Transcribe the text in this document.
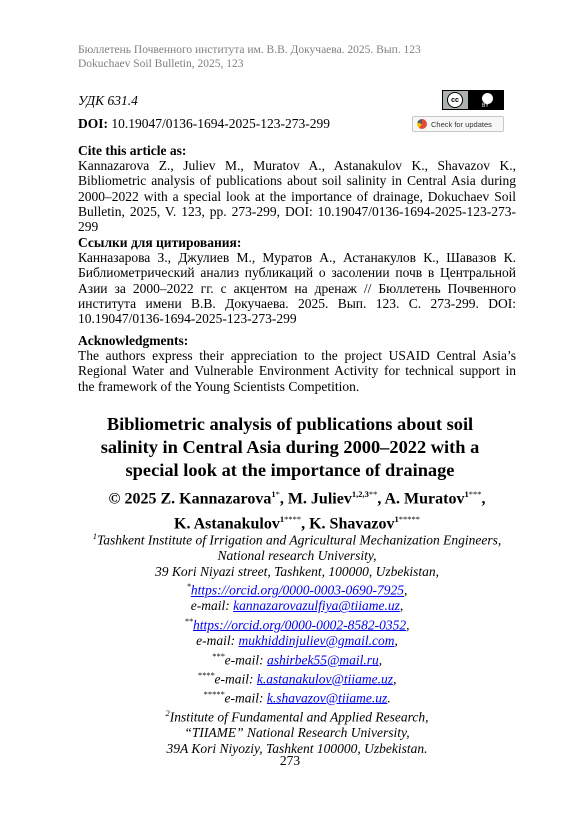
Бюллетень Почвенного института им. В.В. Докучаева. 2025. Вып. 123
Dokuchaev Soil Bulletin, 2025, 123
УДК 631.4
DOI: 10.19047/0136-1694-2025-123-273-299
cc
BY
Check for updates
Cite this article as:
Kannazarova Z., Juliev M., Muratov A., Astanakulov K., Shavazov K., Bibliometric analysis of publications about soil salinity in Central Asia during 2000–2022 with a special look at the importance of drainage, Dokuchaev Soil Bulletin, 2025, V. 123, pp. 273-299, DOI: 10.19047/0136-1694-2025-123-273-299
Ссылки для цитирования:
Канназарова З., Джулиев М., Муратов А., Астанакулов К., Шавазов К. Библиометрический анализ публикаций о засолении почв в Центральной Азии за 2000–2022 гг. с акцентом на дренаж // Бюллетень Почвенного института имени В.В. Докучаева. 2025. Вып. 123. С. 273-299. DOI: 10.19047/0136-1694-2025-123-273-299
Acknowledgments:
The authors express their appreciation to the project USAID Central Asia’s Regional Water and Vulnerable Environment Activity for technical support in the framework of the Young Scientists Competition.
Bibliometric analysis of publications about soil salinity in Central Asia during 2000–2022 with a special look at the importance of drainage
© 2025 Z. Kannazarova$^{1*}$, M. Juliev$^{1,2,3**}$, A. Muratov$^{1***}$,
K. Astanakulov$^{1****}$, K. Shavazov$^{1*****}$
$^1$Tashkent Institute of Irrigation and Agricultural Mechanization Engineers,
National research University,
39 Kori Niyazi street, Tashkent, 100000, Uzbekistan,
*https://orcid.org/0000-0003-0690-7925,
e-mail: kannazarovazulfiya@tiiame.uz,
**https://orcid.org/0000-0002-8582-0352,
e-mail: mukhiddinjuliev@gmail.com,
***e-mail: ashirbek55@mail.ru,
****e-mail: k.astanakulov@tiiame.uz,
*****e-mail: k.shavazov@tiiame.uz.
$^2$Institute of Fundamental and Applied Research,
“TIIAME” National Research University,
39A Kori Niyoziy, Tashkent 100000, Uzbekistan.
273
